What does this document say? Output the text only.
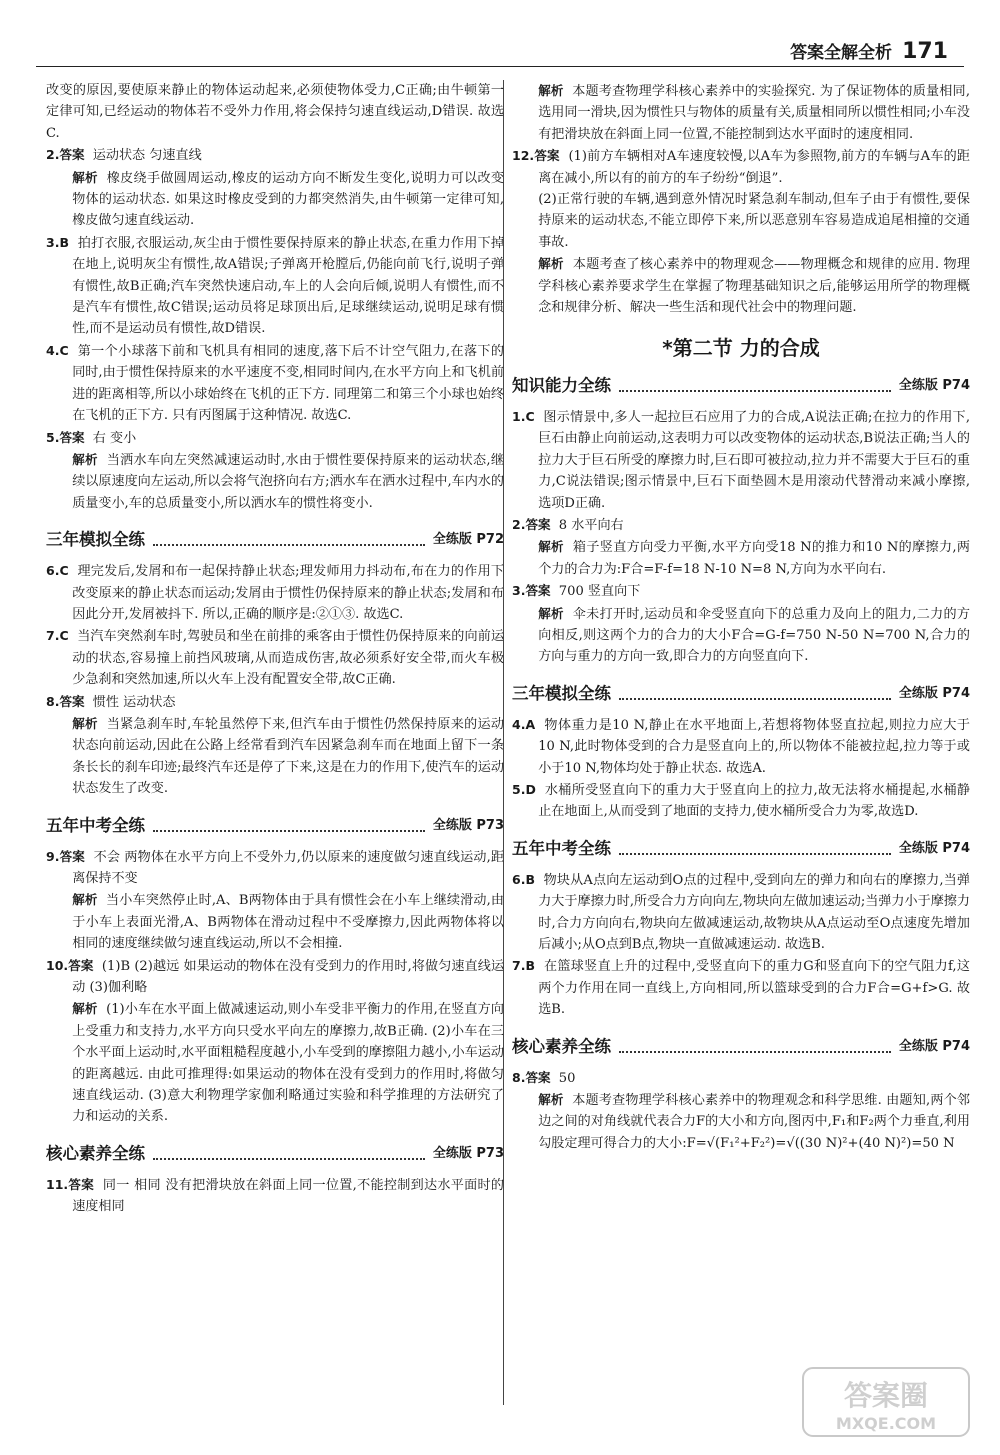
答案全解全析 171

改变的原因,要使原来静止的物体运动起来,必须使物体受力,C正确;由牛顿第一定律可知,已经运动的物体若不受外力作用,将会保持匀速直线运动,D错误. 故选C.

2.答案 运动状态 匀速直线
解析 橡皮绕手做圆周运动,橡皮的运动方向不断发生变化,说明力可以改变物体的运动状态. 如果这时橡皮受到的力都突然消失,由牛顿第一定律可知,橡皮做匀速直线运动.
3.B 拍打衣服,衣服运动,灰尘由于惯性要保持原来的静止状态,在重力作用下掉在地上,说明灰尘有惯性,故A错误;子弹离开枪膛后,仍能向前飞行,说明子弹有惯性,故B正确;汽车突然快速启动,车上的人会向后倾,说明人有惯性,而不是汽车有惯性,故C错误;运动员将足球顶出后,足球继续运动,说明足球有惯性,而不是运动员有惯性,故D错误.
4.C 第一个小球落下前和飞机具有相同的速度,落下后不计空气阻力,在落下的同时,由于惯性保持原来的水平速度不变,相同时间内,在水平方向上和飞机前进的距离相等,所以小球始终在飞机的正下方. 同理第二和第三个小球也始终在飞机的正下方. 只有丙图属于这种情况. 故选C.
5.答案 右 变小
解析 当洒水车向左突然减速运动时,水由于惯性要保持原来的运动状态,继续以原速度向左运动,所以会将气泡挤向右方;洒水车在洒水过程中,车内水的质量变小,车的总质量变小,所以洒水车的惯性将变小.
三年模拟全练	全练版 P72
6.C 理完发后,发屑和布一起保持静止状态;理发师用力抖动布,布在力的作用下改变原来的静止状态而运动;发屑由于惯性仍保持原来的静止状态;发屑和布因此分开,发屑被抖下. 所以,正确的顺序是:②①③. 故选C.
7.C 当汽车突然刹车时,驾驶员和坐在前排的乘客由于惯性仍保持原来的向前运动的状态,容易撞上前挡风玻璃,从而造成伤害,故必须系好安全带,而火车极少急刹和突然加速,所以火车上没有配置安全带,故C正确.
8.答案 惯性 运动状态
解析 当紧急刹车时,车轮虽然停下来,但汽车由于惯性仍然保持原来的运动状态向前运动,因此在公路上经常看到汽车因紧急刹车而在地面上留下一条条长长的刹车印迹;最终汽车还是停了下来,这是在力的作用下,使汽车的运动状态发生了改变.
五年中考全练	全练版 P73
9.答案 不会 两物体在水平方向上不受外力,仍以原来的速度做匀速直线运动,距离保持不变
解析 当小车突然停止时,A、B两物体由于具有惯性会在小车上继续滑动,由于小车上表面光滑,A、B两物体在滑动过程中不受摩擦力,因此两物体将以相同的速度继续做匀速直线运动,所以不会相撞.
10.答案 (1)B (2)越远 如果运动的物体在没有受到力的作用时,将做匀速直线运动 (3)伽利略
解析 (1)小车在水平面上做减速运动,则小车受非平衡力的作用,在竖直方向上受重力和支持力,水平方向只受水平向左的摩擦力,故B正确. (2)小车在三个水平面上运动时,水平面粗糙程度越小,小车受到的摩擦阻力越小,小车运动的距离越远. 由此可推理得:如果运动的物体在没有受到力的作用时,将做匀速直线运动. (3)意大利物理学家伽利略通过实验和科学推理的方法研究了力和运动的关系.
核心素养全练	全练版 P73
11.答案 同一 相同 没有把滑块放在斜面上同一位置,不能控制到达水平面时的速度相同
解析 本题考查物理学科核心素养中的实验探究. 为了保证物体的质量相同,选用同一滑块,因为惯性只与物体的质量有关,质量相同所以惯性相同;小车没有把滑块放在斜面上同一位置,不能控制到达水平面时的速度相同.
12.答案 (1)前方车辆相对A车速度较慢,以A车为参照物,前方的车辆与A车的距离在减小,所以有的前方的车子纷纷“倒退”.
(2)正常行驶的车辆,遇到意外情况时紧急刹车制动,但车子由于有惯性,要保持原来的运动状态,不能立即停下来,所以恶意别车容易造成追尾相撞的交通事故.
解析 本题考查了核心素养中的物理观念——物理概念和规律的应用. 物理学科核心素养要求学生在掌握了物理基础知识之后,能够运用所学的物理概念和规律分析、解决一些生活和现代社会中的物理问题.
*第二节 力的合成
知识能力全练	全练版 P74
1.C 图示情景中,多人一起拉巨石应用了力的合成,A说法正确;在拉力的作用下,巨石由静止向前运动,这表明力可以改变物体的运动状态,B说法正确;当人的拉力大于巨石所受的摩擦力时,巨石即可被拉动,拉力并不需要大于巨石的重力,C说法错误;图示情景中,巨石下面垫圆木是用滚动代替滑动来减小摩擦,选项D正确.
2.答案 8 水平向右
解析 箱子竖直方向受力平衡,水平方向受18 N的推力和10 N的摩擦力,两个力的合力为:F合=F-f=18 N-10 N=8 N,方向为水平向右.
3.答案 700 竖直向下
解析 伞未打开时,运动员和伞受竖直向下的总重力及向上的阻力,二力的方向相反,则这两个力的合力的大小F合=G-f=750 N-50 N=700 N,合力的方向与重力的方向一致,即合力的方向竖直向下.
三年模拟全练	全练版 P74
4.A 物体重力是10 N,静止在水平地面上,若想将物体竖直拉起,则拉力应大于10 N,此时物体受到的合力是竖直向上的,所以物体不能被拉起,拉力等于或小于10 N,物体均处于静止状态. 故选A.
5.D 水桶所受竖直向下的重力大于竖直向上的拉力,故无法将水桶提起,水桶静止在地面上,从而受到了地面的支持力,使水桶所受合力为零,故选D.
五年中考全练	全练版 P74
6.B 物块从A点向左运动到O点的过程中,受到向左的弹力和向右的摩擦力,当弹力大于摩擦力时,所受合力方向向左,物块向左做加速运动;当弹力小于摩擦力时,合力方向向右,物块向左做减速运动,故物块从A点运动至O点速度先增加后减小;从O点到B点,物块一直做减速运动. 故选B.
7.B 在篮球竖直上升的过程中,受竖直向下的重力G和竖直向下的空气阻力f,这两个力作用在同一直线上,方向相同,所以篮球受到的合力F合=G+f>G. 故选B.
核心素养全练	全练版 P74
8.答案 50
解析 本题考查物理学科核心素养中的物理观念和科学思维. 由题知,两个邻边之间的对角线就代表合力F的大小和方向,图丙中,F₁和F₂两个力垂直,利用勾股定理可得合力的大小:F=√(F₁²+F₂²)=√((30 N)²+(40 N)²)=50 N
答案圈
MXQE.COM
